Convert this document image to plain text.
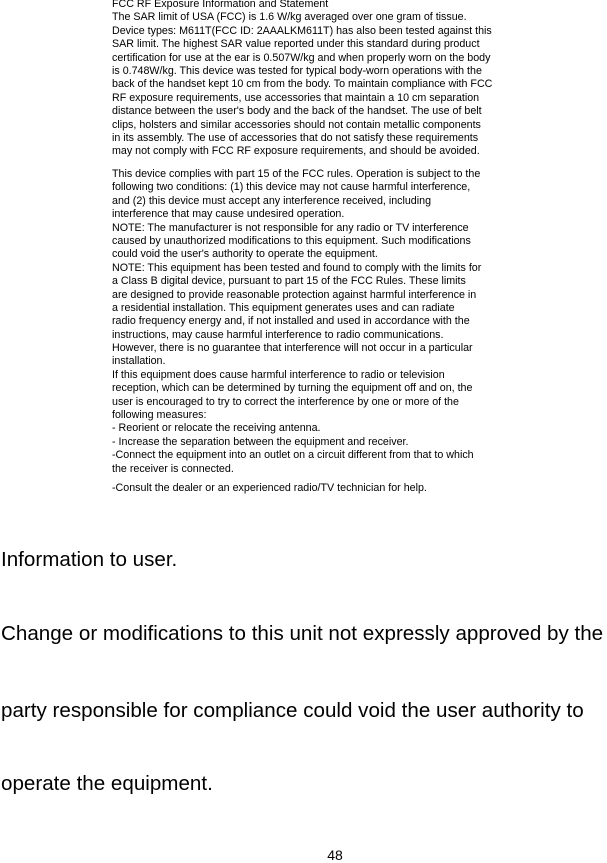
FCC RF Exposure Information and Statement
The SAR limit of USA (FCC) is 1.6 W/kg averaged over one gram of tissue.
Device types: M611T(FCC ID: 2AAALKM611T) has also been tested against this
SAR limit. The highest SAR value reported under this standard during product
certification for use at the ear is 0.507W/kg and when properly worn on the body
is 0.748W/kg. This device was tested for typical body-worn operations with the
back of the handset kept 10 cm from the body. To maintain compliance with FCC
RF exposure requirements, use accessories that maintain a 10 cm separation
distance between the user's body and the back of the handset. The use of belt
clips, holsters and similar accessories should not contain metallic components
in its assembly. The use of accessories that do not satisfy these requirements
may not comply with FCC RF exposure requirements, and should be avoided.
This device complies with part 15 of the FCC rules. Operation is subject to the
following two conditions: (1) this device may not cause harmful interference,
and (2) this device must accept any interference received, including
interference that may cause undesired operation.
NOTE: The manufacturer is not responsible for any radio or TV interference
caused by unauthorized modifications to this equipment. Such modifications
could void the user's authority to operate the equipment.
NOTE: This equipment has been tested and found to comply with the limits for
a Class B digital device, pursuant to part 15 of the FCC Rules. These limits
are designed to provide reasonable protection against harmful interference in
a residential installation. This equipment generates uses and can radiate
radio frequency energy and, if not installed and used in accordance with the
instructions, may cause harmful interference to radio communications.
However, there is no guarantee that interference will not occur in a particular
installation.
If this equipment does cause harmful interference to radio or television
reception, which can be determined by turning the equipment off and on, the
user is encouraged to try to correct the interference by one or more of the
following measures:
- Reorient or relocate the receiving antenna.
- Increase the separation between the equipment and receiver.
-Connect the equipment into an outlet on a circuit different from that to which
the receiver is connected.
-Consult the dealer or an experienced radio/TV technician for help.
Information to user.
Change or modifications to this unit not expressly approved by the
party responsible for compliance could void the user authority to
operate the equipment.
48
